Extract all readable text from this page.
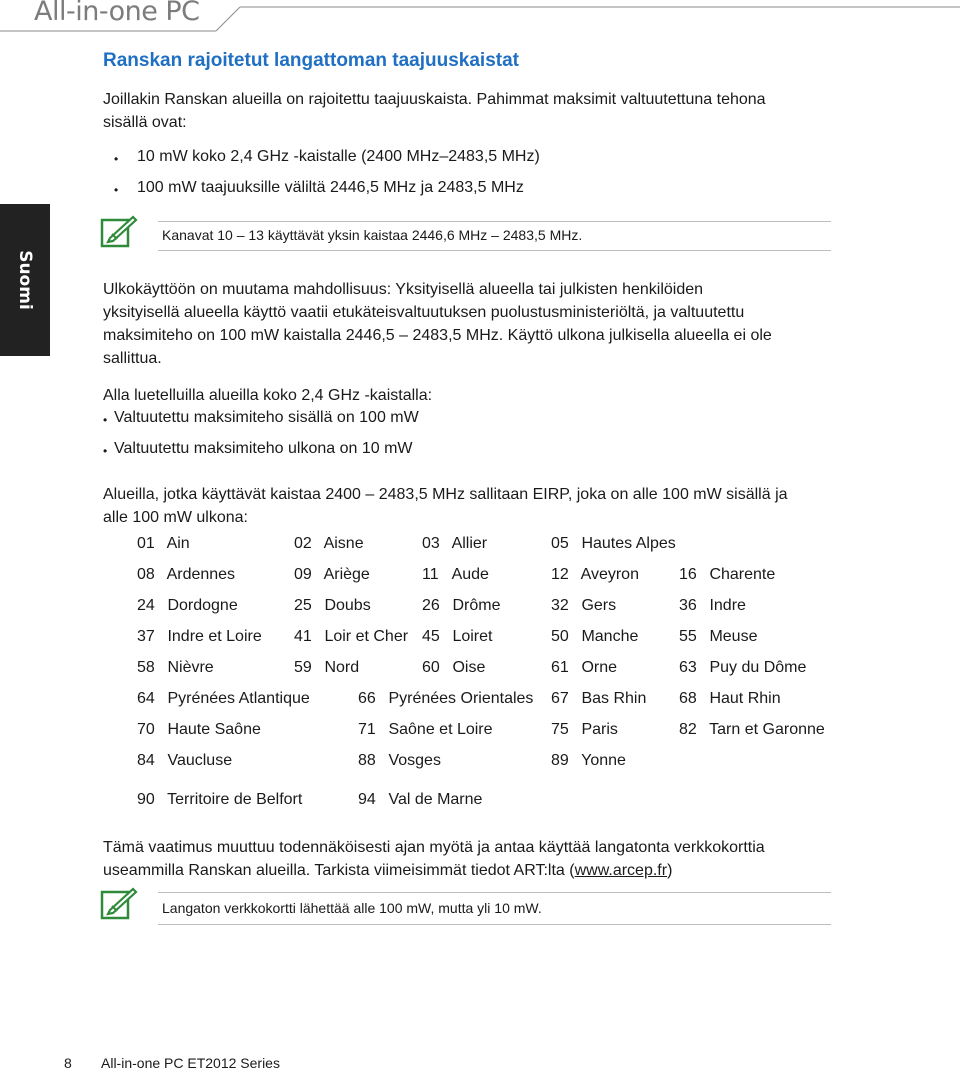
All-in-one PC
Suomi
Ranskan rajoitetut langattoman taajuuskaistat
Joillakin Ranskan alueilla on rajoitettu taajuuskaista. Pahimmat maksimit valtuutettuna tehona
sisällä ovat:
• 10 mW koko 2,4 GHz -kaistalle (2400 MHz–2483,5 MHz)
• 100 mW taajuuksille väliltä 2446,5 MHz ja 2483,5 MHz
Kanavat 10 – 13 käyttävät yksin kaistaa 2446,6 MHz – 2483,5 MHz.
Ulkokäyttöön on muutama mahdollisuus: Yksityisellä alueella tai julkisten henkilöiden
yksityisellä alueella käyttö vaatii etukäteisvaltuutuksen puolustusministeriöltä, ja valtuutettu
maksimiteho on 100 mW kaistalla 2446,5 – 2483,5 MHz. Käyttö ulkona julkisella alueella ei ole
sallittua.
Alla luetelluilla alueilla koko 2,4 GHz -kaistalla:
• Valtuutettu maksimiteho sisällä on 100 mW
• Valtuutettu maksimiteho ulkona on 10 mW
Alueilla, jotka käyttävät kaistaa 2400 – 2483,5 MHz sallitaan EIRP, joka on alle 100 mW sisällä ja
alle 100 mW ulkona:
01 Ain	02 Aisne	03 Allier	05 Hautes Alpes
08 Ardennes	09 Ariège	11 Aude	12 Aveyron	16 Charente
24 Dordogne	25 Doubs	26 Drôme	32 Gers	36 Indre
37 Indre et Loire 41 Loir et Cher 45 Loiret	50 Manche	55 Meuse
58 Nièvre	59 Nord	60 Oise	61 Orne	63 Puy du Dôme
64 Pyrénées Atlantique	66 Pyrénées Orientales 67 Bas Rhin 68 Haut Rhin
70 Haute Saône	71 Saône et Loire	75 Paris	82 Tarn et Garonne
84 Vaucluse	88 Vosges	89 Yonne
90 Territoire de Belfort	94 Val de Marne
Tämä vaatimus muuttuu todennäköisesti ajan myötä ja antaa käyttää langatonta verkkokorttia
useammilla Ranskan alueilla. Tarkista viimeisimmät tiedot ART:lta (www.arcep.fr)
Langaton verkkokortti lähettää alle 100 mW, mutta yli 10 mW.
8 All-in-one PC ET2012 Series
